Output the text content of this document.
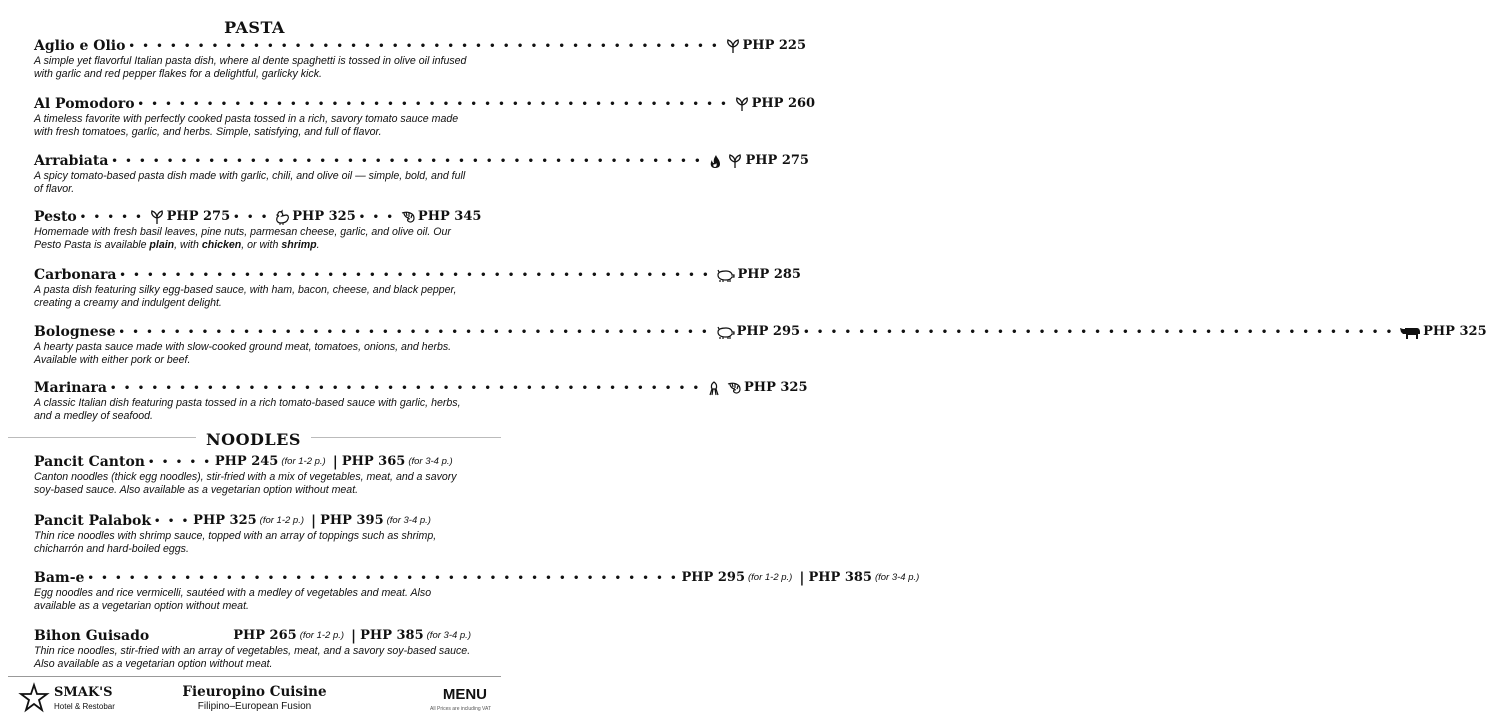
PASTA
Aglio e Olio • • • • • • • • • • • • • • • • • • • • • • • • • • • • • • • • • • • • • • • • • • • PHP 225
A simple yet flavorful Italian pasta dish, where al dente spaghetti is tossed in olive oil infused with garlic and red pepper flakes for a delightful, garlicky kick.
Al Pomodoro • • • • • • • • • • • • • • • • • • • • • • • • • • • • • • • • • • • • • • • • • • • PHP 260
A timeless favorite with perfectly cooked pasta tossed in a rich, savory tomato sauce made with fresh tomatoes, garlic, and herbs. Simple, satisfying, and full of flavor.
Arrabiata • • • • • • • • • • • • • • • • • • • • • • • • • • • • • • • • • • • • • • • • • • •	PHP 275
A spicy tomato-based pasta dish made with garlic, chili, and olive oil — simple, bold, and full of flavor.
Pesto • • • • • PHP 275 • • • PHP 325 • • • PHP 345
Homemade with fresh basil leaves, pine nuts, parmesan cheese, garlic, and olive oil. Our Pesto Pasta is available plain, with chicken, or with shrimp.
Carbonara • • • • • • • • • • • • • • • • • • • • • • • • • • • • • • • • • • • • • • • • • • • PHP 285
A pasta dish featuring silky egg-based sauce, with ham, bacon, cheese, and black pepper, creating a creamy and indulgent delight.
Bolognese • • • • • • • • • • • • • • • • • • • • • • • • • • • • • • • • • • • • • • • • • • • PHP 295 • • • • • • • • • • • • • • • • • • • • • • • • • • • • • • • • • • • • • • • • • • • PHP 325
A hearty pasta sauce made with slow-cooked ground meat, tomatoes, onions, and herbs. Available with either pork or beef.
Marinara • • • • • • • • • • • • • • • • • • • • • • • • • • • • • • • • • • • • • • • • • • •	PHP 325
A classic Italian dish featuring pasta tossed in a rich tomato-based sauce with garlic, herbs, and a medley of seafood.
NOODLES
Pancit Canton • • • • • PHP 245 (for 1-2 p.) | PHP 365 (for 3-4 p.)
Canton noodles (thick egg noodles), stir-fried with a mix of vegetables, meat, and a savory soy-based sauce. Also available as a vegetarian option without meat.
Pancit Palabok • • • PHP 325 (for 1-2 p.) | PHP 395 (for 3-4 p.)
Thin rice noodles with shrimp sauce, topped with an array of toppings such as shrimp, chicharrón and hard-boiled eggs.
Bam-e • • • • • • • • • • • • • • • • • • • • • • • • • • • • • • • • • • • • • • • • • • • PHP 295 (for 1-2 p.) | PHP 385 (for 3-4 p.)
Egg noodles and rice vermicelli, sautéed with a medley of vegetables and meat. Also available as a vegetarian option without meat.
Bihon Guisado	PHP 265 (for 1-2 p.) | PHP 385 (for 3-4 p.)
Thin rice noodles, stir-fried with an array of vegetables, meat, and a savory soy-based sauce. Also available as a vegetarian option without meat.
SMAK'S
Hotel & Restobar
Fieuropino Cuisine
Filipino–European Fusion
MENU
All Prices are including VAT
